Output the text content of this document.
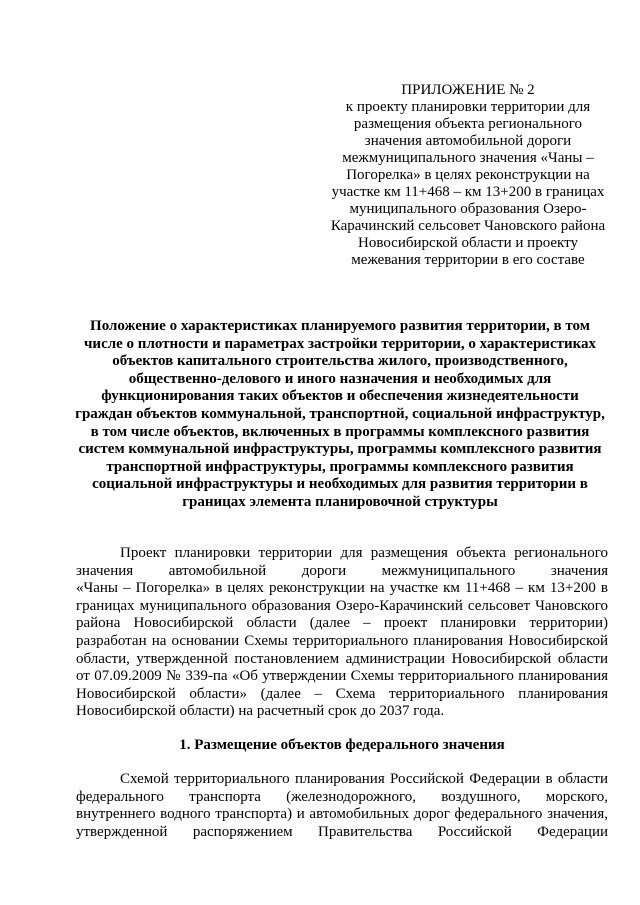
ПРИЛОЖЕНИЕ № 2
к проекту планировки территории для
размещения объекта регионального
значения автомобильной дороги
межмуниципального значения «Чаны –
Погорелка» в целях реконструкции на
участке км 11+468 – км 13+200 в границах
муниципального образования Озеро-
Карачинский сельсовет Чановского района
Новосибирской области и проекту
межевания территории в его составе
Положение о характеристиках планируемого развития территории, в том
числе о плотности и параметрах застройки территории, о характеристиках
объектов капитального строительства жилого, производственного,
общественно-делового и иного назначения и необходимых для
функционирования таких объектов и обеспечения жизнедеятельности
граждан объектов коммунальной, транспортной, социальной инфраструктур,
в том числе объектов, включенных в программы комплексного развития
систем коммунальной инфраструктуры, программы комплексного развития
транспортной инфраструктуры, программы комплексного развития
социальной инфраструктуры и необходимых для развития территории в
границах элемента планировочной структуры
Проект планировки территории для размещения объекта регионального
значения автомобильной дороги межмуниципального значения
«Чаны – Погорелка» в целях реконструкции на участке км 11+468 – км 13+200 в
границах муниципального образования Озеро-Карачинский сельсовет Чановского
района Новосибирской области (далее – проект планировки территории)
разработан на основании Схемы территориального планирования Новосибирской
области, утвержденной постановлением администрации Новосибирской области
от 07.09.2009 № 339-па «Об утверждении Схемы территориального планирования
Новосибирской области» (далее – Схема территориального планирования
Новосибирской области) на расчетный срок до 2037 года.
1. Размещение объектов федерального значения
Схемой территориального планирования Российской Федерации в области
федерального транспорта (железнодорожного, воздушного, морского,
внутреннего водного транспорта) и автомобильных дорог федерального значения,
утвержденной распоряжением Правительства Российской Федерации
